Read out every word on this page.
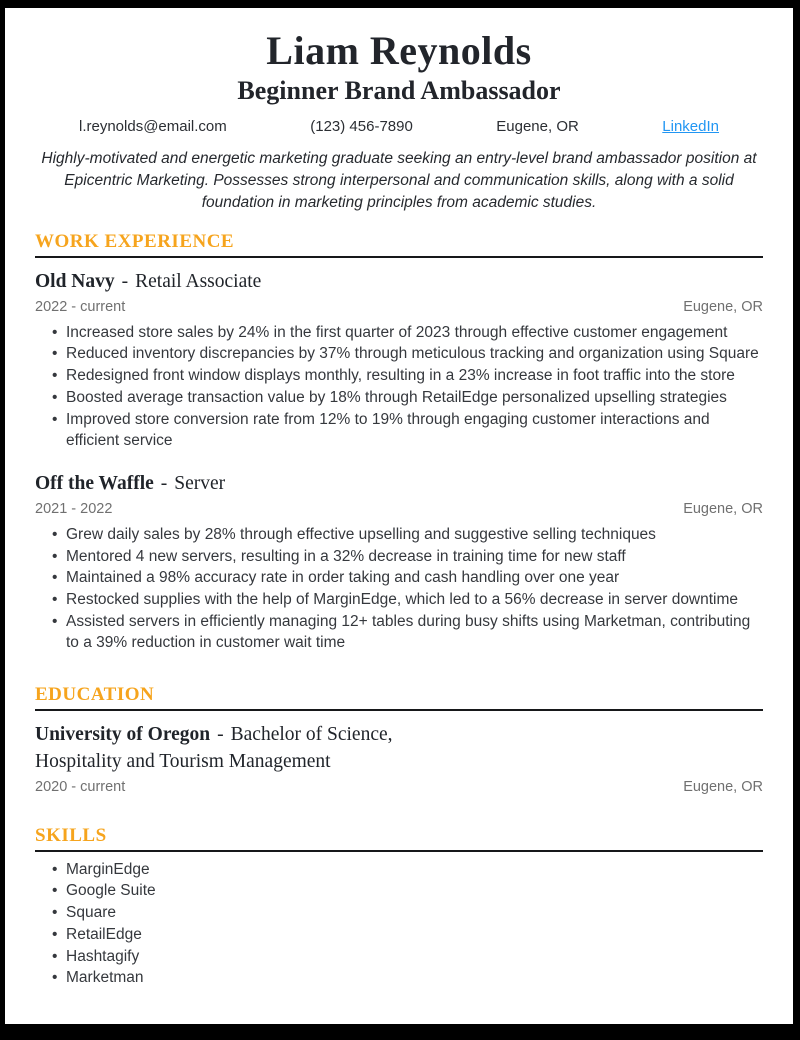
Liam Reynolds
Beginner Brand Ambassador
l.reynolds@email.com	(123) 456-7890	Eugene, OR	LinkedIn

Highly-motivated and energetic marketing graduate seeking an entry-level brand ambassador position at Epicentric Marketing. Possesses strong interpersonal and communication skills, along with a solid foundation in marketing principles from academic studies.

WORK EXPERIENCE
Old Navy - Retail Associate
2022 - current	Eugene, OR
• Increased store sales by 24% in the first quarter of 2023 through effective customer engagement
• Reduced inventory discrepancies by 37% through meticulous tracking and organization using Square
• Redesigned front window displays monthly, resulting in a 23% increase in foot traffic into the store
• Boosted average transaction value by 18% through RetailEdge personalized upselling strategies
• Improved store conversion rate from 12% to 19% through engaging customer interactions and efficient service
Off the Waffle - Server
2021 - 2022	Eugene, OR
• Grew daily sales by 28% through effective upselling and suggestive selling techniques
• Mentored 4 new servers, resulting in a 32% decrease in training time for new staff
• Maintained a 98% accuracy rate in order taking and cash handling over one year
• Restocked supplies with the help of MarginEdge, which led to a 56% decrease in server downtime
• Assisted servers in efficiently managing 12+ tables during busy shifts using Marketman, contributing to a 39% reduction in customer wait time
EDUCATION
University of Oregon - Bachelor of Science,
Hospitality and Tourism Management
2020 - current	Eugene, OR
SKILLS
• MarginEdge
• Google Suite
• Square
• RetailEdge
• Hashtagify
• Marketman
